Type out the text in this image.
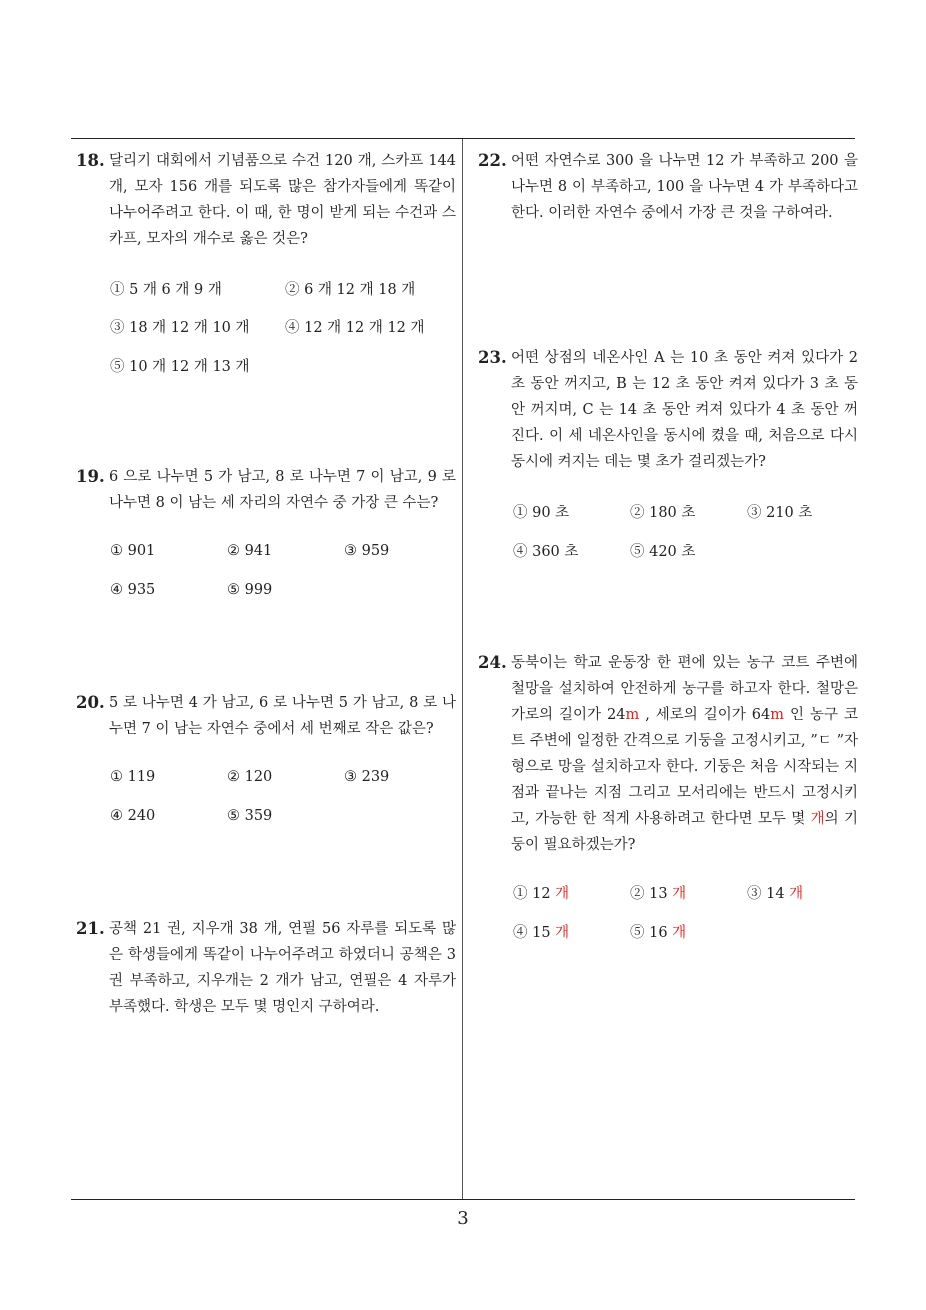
18. 달리기 대회에서 기념품으로 수건 120 개, 스카프 144 개, 모자 156 개를 되도록 많은 참가자들에게 똑같이 나누어주려고 한다. 이 때, 한 명이 받게 되는 수건과 스카프, 모자의 개수로 옳은 것은?
① 5 개 6 개 9 개	② 6 개 12 개 18 개
③ 18 개 12 개 10 개 ④ 12 개 12 개 12 개
⑤ 10 개 12 개 13 개
19. 6 으로 나누면 5 가 남고, 8 로 나누면 7 이 남고, 9 로 나누면 8 이 남는 세 자리의 자연수 중 가장 큰 수는?
① 901	② 941	③ 959
④ 935	⑤ 999
20. 5 로 나누면 4 가 남고, 6 로 나누면 5 가 남고, 8 로 나누면 7 이 남는 자연수 중에서 세 번째로 작은 값은?
① 119	② 120	③ 239
④ 240	⑤ 359
21. 공책 21 권, 지우개 38 개, 연필 56 자루를 되도록 많은 학생들에게 똑같이 나누어주려고 하였더니 공책은 3 권 부족하고, 지우개는 2 개가 남고, 연필은 4 자루가 부족했다. 학생은 모두 몇 명인지 구하여라.
22. 어떤 자연수로 300 을 나누면 12 가 부족하고 200 을 나누면 8 이 부족하고, 100 을 나누면 4 가 부족하다고 한다. 이러한 자연수 중에서 가장 큰 것을 구하여라.
23. 어떤 상점의 네온사인 A 는 10 초 동안 켜져 있다가 2 초 동안 꺼지고, B 는 12 초 동안 켜져 있다가 3 초 동안 꺼지며, C 는 14 초 동안 켜져 있다가 4 초 동안 꺼진다. 이 세 네온사인을 동시에 켰을 때, 처음으로 다시 동시에 켜지는 데는 몇 초가 걸리겠는가?
① 90 초	② 180 초	③ 210 초
④ 360 초	⑤ 420 초
24. 동북이는 학교 운동장 한 편에 있는 농구 코트 주변에 철망을 설치하여 안전하게 농구를 하고자 한다. 철망은 가로의 길이가 24m , 세로의 길이가 64m 인 농구 코트 주변에 일정한 간격으로 기둥을 고정시키고, ”ㄷ ”자 형으로 망을 설치하고자 한다. 기둥은 처음 시작되는 지점과 끝나는 지점 그리고 모서리에는 반드시 고정시키고, 가능한 한 적게 사용하려고 한다면 모두 몇 개의 기둥이 필요하겠는가?
① 12 개	② 13 개	③ 14 개
④ 15 개	⑤ 16 개
3
